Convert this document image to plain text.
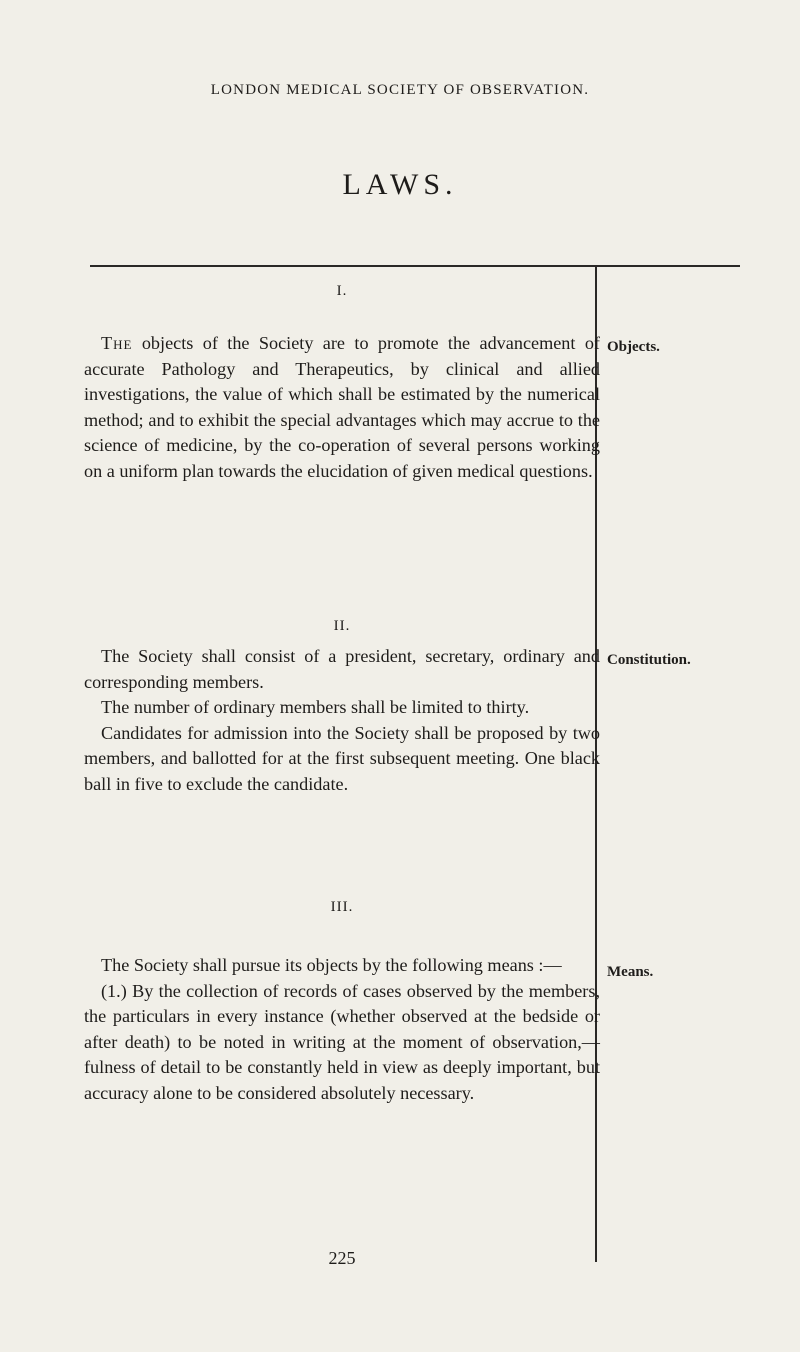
LONDON MEDICAL SOCIETY OF OBSERVATION.
LAWS.
I.
Objects.

The objects of the Society are to promote the advancement of accurate Pathology and Therapeutics, by clinical and allied investigations, the value of which shall be estimated by the numerical method; and to exhibit the special advantages which may accrue to the science of medicine, by the co-operation of several persons working on a uniform plan towards the elucidation of given medical questions.

II.
Constitution.

The Society shall consist of a president, secretary, ordinary and corresponding members.

The number of ordinary members shall be limited to thirty.

Candidates for admission into the Society shall be proposed by two members, and ballotted for at the first subsequent meeting. One black ball in five to exclude the candidate.

III.
Means.

The Society shall pursue its objects by the following means :—

(1.) By the collection of records of cases observed by the members, the particulars in every instance (whether observed at the bedside or after death) to be noted in writing at the moment of observation,—fulness of detail to be constantly held in view as deeply important, but accuracy alone to be considered absolutely necessary.

225
